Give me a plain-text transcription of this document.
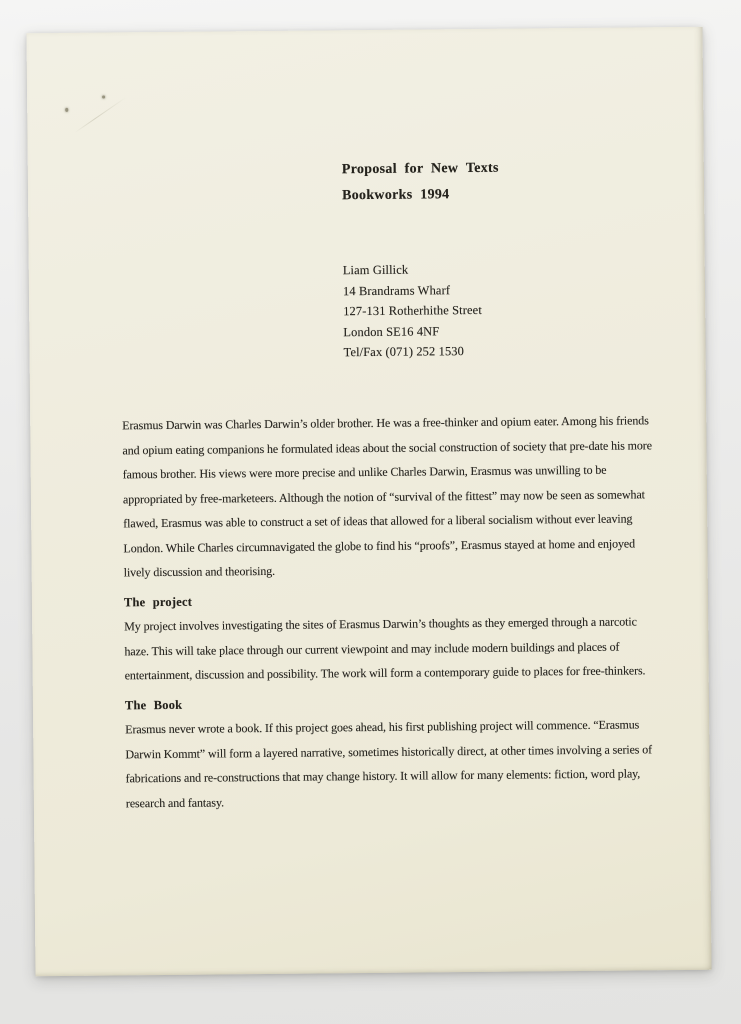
Proposal for New Texts
Bookworks 1994
Liam Gillick
14 Brandrams Wharf
127-131 Rotherhithe Street
London SE16 4NF
Tel/Fax (071) 252 1530

Erasmus Darwin was Charles Darwin’s older brother. He was a free-thinker and opium eater. Among his friends
and opium eating companions he formulated ideas about the social construction of society that pre-date his more
famous brother. His views were more precise and unlike Charles Darwin, Erasmus was unwilling to be
appropriated by free-marketeers. Although the notion of “survival of the fittest” may now be seen as somewhat
flawed, Erasmus was able to construct a set of ideas that allowed for a liberal socialism without ever leaving
London. While Charles circumnavigated the globe to find his “proofs”, Erasmus stayed at home and enjoyed
lively discussion and theorising.

The project

My project involves investigating the sites of Erasmus Darwin’s thoughts as they emerged through a narcotic
haze. This will take place through our current viewpoint and may include modern buildings and places of
entertainment, discussion and possibility. The work will form a contemporary guide to places for free-thinkers.

The Book

Erasmus never wrote a book. If this project goes ahead, his first publishing project will commence. “Erasmus
Darwin Kommt” will form a layered narrative, sometimes historically direct, at other times involving a series of
fabrications and re-constructions that may change history. It will allow for many elements: fiction, word play,
research and fantasy.
